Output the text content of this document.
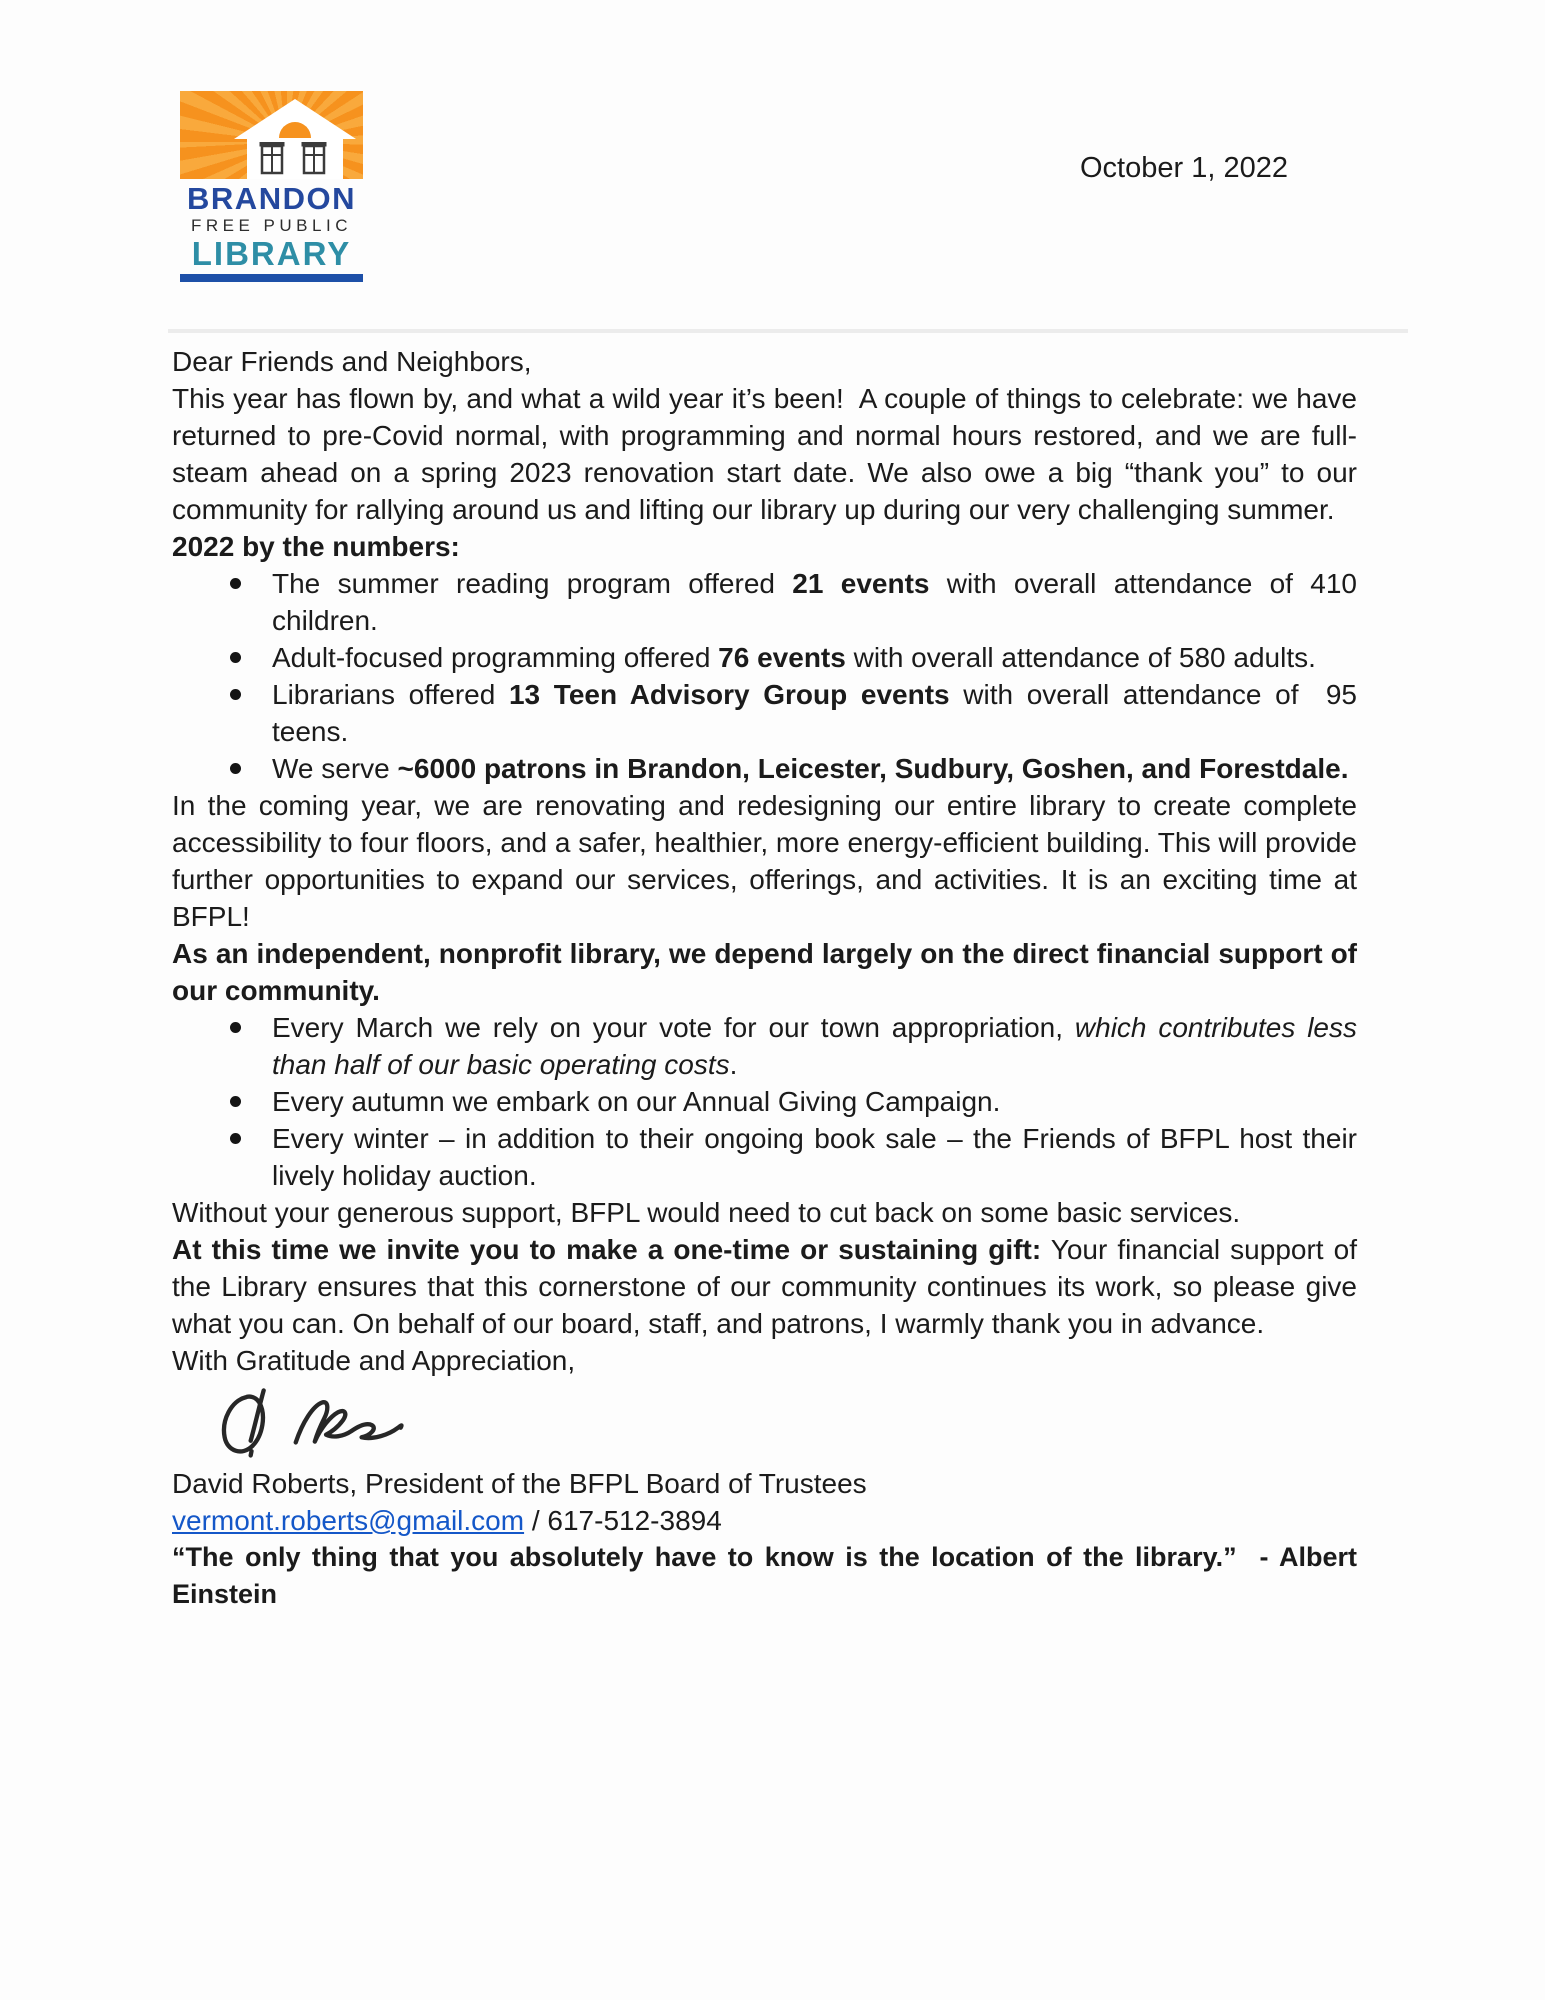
BRANDON
FREE PUBLIC
LIBRARY
October 1, 2022

Dear Friends and Neighbors,

This year has flown by, and what a wild year it’s been!  A couple of things to celebrate: we have returned to pre-Covid normal, with programming and normal hours restored, and we are full-steam ahead on a spring 2023 renovation start date. We also owe a big “thank you” to our community for rallying around us and lifting our library up during our very challenging summer.

2022 by the numbers:

The summer reading program offered 21 events with overall attendance of 410 children.
Adult-focused programming offered 76 events with overall attendance of 580 adults.
Librarians offered 13 Teen Advisory Group events with overall attendance of  95 teens.
We serve ~6000 patrons in Brandon, Leicester, Sudbury, Goshen, and Forestdale.

In the coming year, we are renovating and redesigning our entire library to create complete accessibility to four floors, and a safer, healthier, more energy-efficient building. This will provide further opportunities to expand our services, offerings, and activities. It is an exciting time at BFPL!

As an independent, nonprofit library, we depend largely on the direct financial support of our community.

Every March we rely on your vote for our town appropriation, which contributes less than half of our basic operating costs.
Every autumn we embark on our Annual Giving Campaign.
Every winter – in addition to their ongoing book sale – the Friends of BFPL host their lively holiday auction.

Without your generous support, BFPL would need to cut back on some basic services.

At this time we invite you to make a one-time or sustaining gift: Your financial support of the Library ensures that this cornerstone of our community continues its work, so please give what you can. On behalf of our board, staff, and patrons, I warmly thank you in advance.

With Gratitude and Appreciation,

David Roberts, President of the BFPL Board of Trustees

vermont.roberts@gmail.com / 617-512-3894

“The only thing that you absolutely have to know is the location of the library.”  - Albert Einstein
